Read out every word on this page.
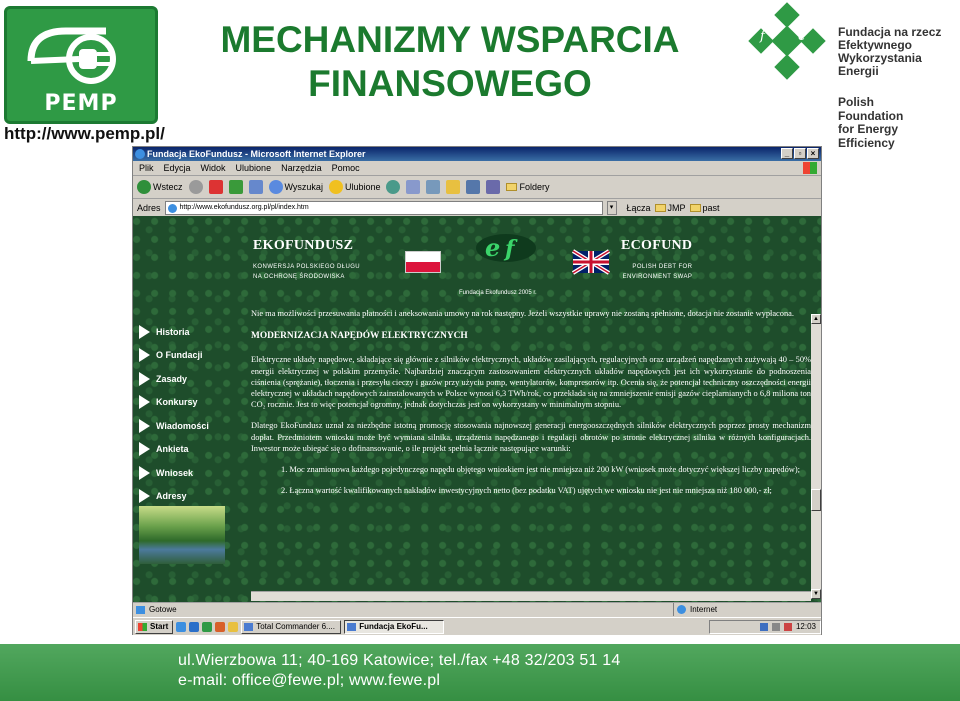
PEMP
http://www.pemp.pl/
MECHANIZMY WSPARCIA
FINANSOWEGO
f	e
w e
Fundacja na rzecz
Efektywnego
Wykorzystania
Energii
Polish
Foundation
for Energy
Efficiency
Fundacja EkoFundusz - Microsoft Internet Explorer	_	▫	×
Plik Edycja Widok Ulubione Narzędzia Pomoc
Wstecz	Wyszukaj Ulubione	Foldery
Adres	http://www.ekofundusz.org.pl/pl/index.htm	▾	Łącza JMP past
EKOFUNDUSZ

KONWERSJA POLSKIEGO DŁUGU
NA OCHRONĘ ŚRODOWISKA

e f	ECOFUND

POLISH DEBT FOR
ENVIRONMENT SWAP

Fundacja Ekofundusz 2005 r.
Historia
O Fundacji
Zasady
Konkursy
Wiadomości
Ankieta
Wniosek
Adresy

Nie ma możliwości przesuwania płatności i aneksowania umowy na rok następny. Jeżeli wszystkie uprawy nie zostaną spełnione, dotacja nie zostanie wypłacona.

MODERNIZACJA NAPĘDÓW ELEKTRYCZNYCH

Elektryczne układy napędowe, składające się głównie z silników elektrycznych, układów zasilających, regulacyjnych oraz urządzeń napędzanych zużywają 40 – 50% energii elektrycznej w polskim przemyśle. Najbardziej znaczącym zastosowaniem elektrycznych układów napędowych jest ich wykorzystanie do podnoszenia ciśnienia (sprężanie), tłoczenia i przesyłu cieczy i gazów przy użyciu pomp, wentylatorów, kompresorów itp. Ocenia się, że potencjał techniczny oszczędności energii elektrycznej w układach napędowych zainstalowanych w Polsce wynosi 6,3 TWh/rok, co przekłada się na zmniejszenie emisji gazów cieplarnianych o 6,8 miliona ton CO₂ rocznie. Jest to więc potencjał ogromny, jednak dotychczas jest on wykorzystany w minimalnym stopniu.

Dlatego EkoFundusz uznał za niezbędne istotną promocję stosowania najnowszej generacji energooszczędnych silników elektrycznych poprzez prosty mechanizm dopłat. Przedmiotem wniosku może być wymiana silnika, urządzenia napędzanego i regulacji obrotów po stronie elektrycznej silnika w różnych konfiguracjach. Inwestor może ubiegać się o dofinansowanie, o ile projekt spełnia łącznie następujące warunki:

1. Moc znamionowa każdego pojedynczego napędu objętego wnioskiem jest nie mniejsza niż 200 kW (wniosek może dotyczyć większej liczby napędów);

2. Łączna wartość kwalifikowanych nakładów inwestycyjnych netto (bez podatku VAT) ujętych we wniosku nie jest nie mniejsza niż 180 000,- zł;

▲
▼
Gotowe	Internet
Start	Total Commander 6....	Fundacja EkoFu...	12:03
ul.Wierzbowa 11; 40-169 Katowice; tel./fax +48 32/203 51 14
e-mail: office@fewe.pl; www.fewe.pl
